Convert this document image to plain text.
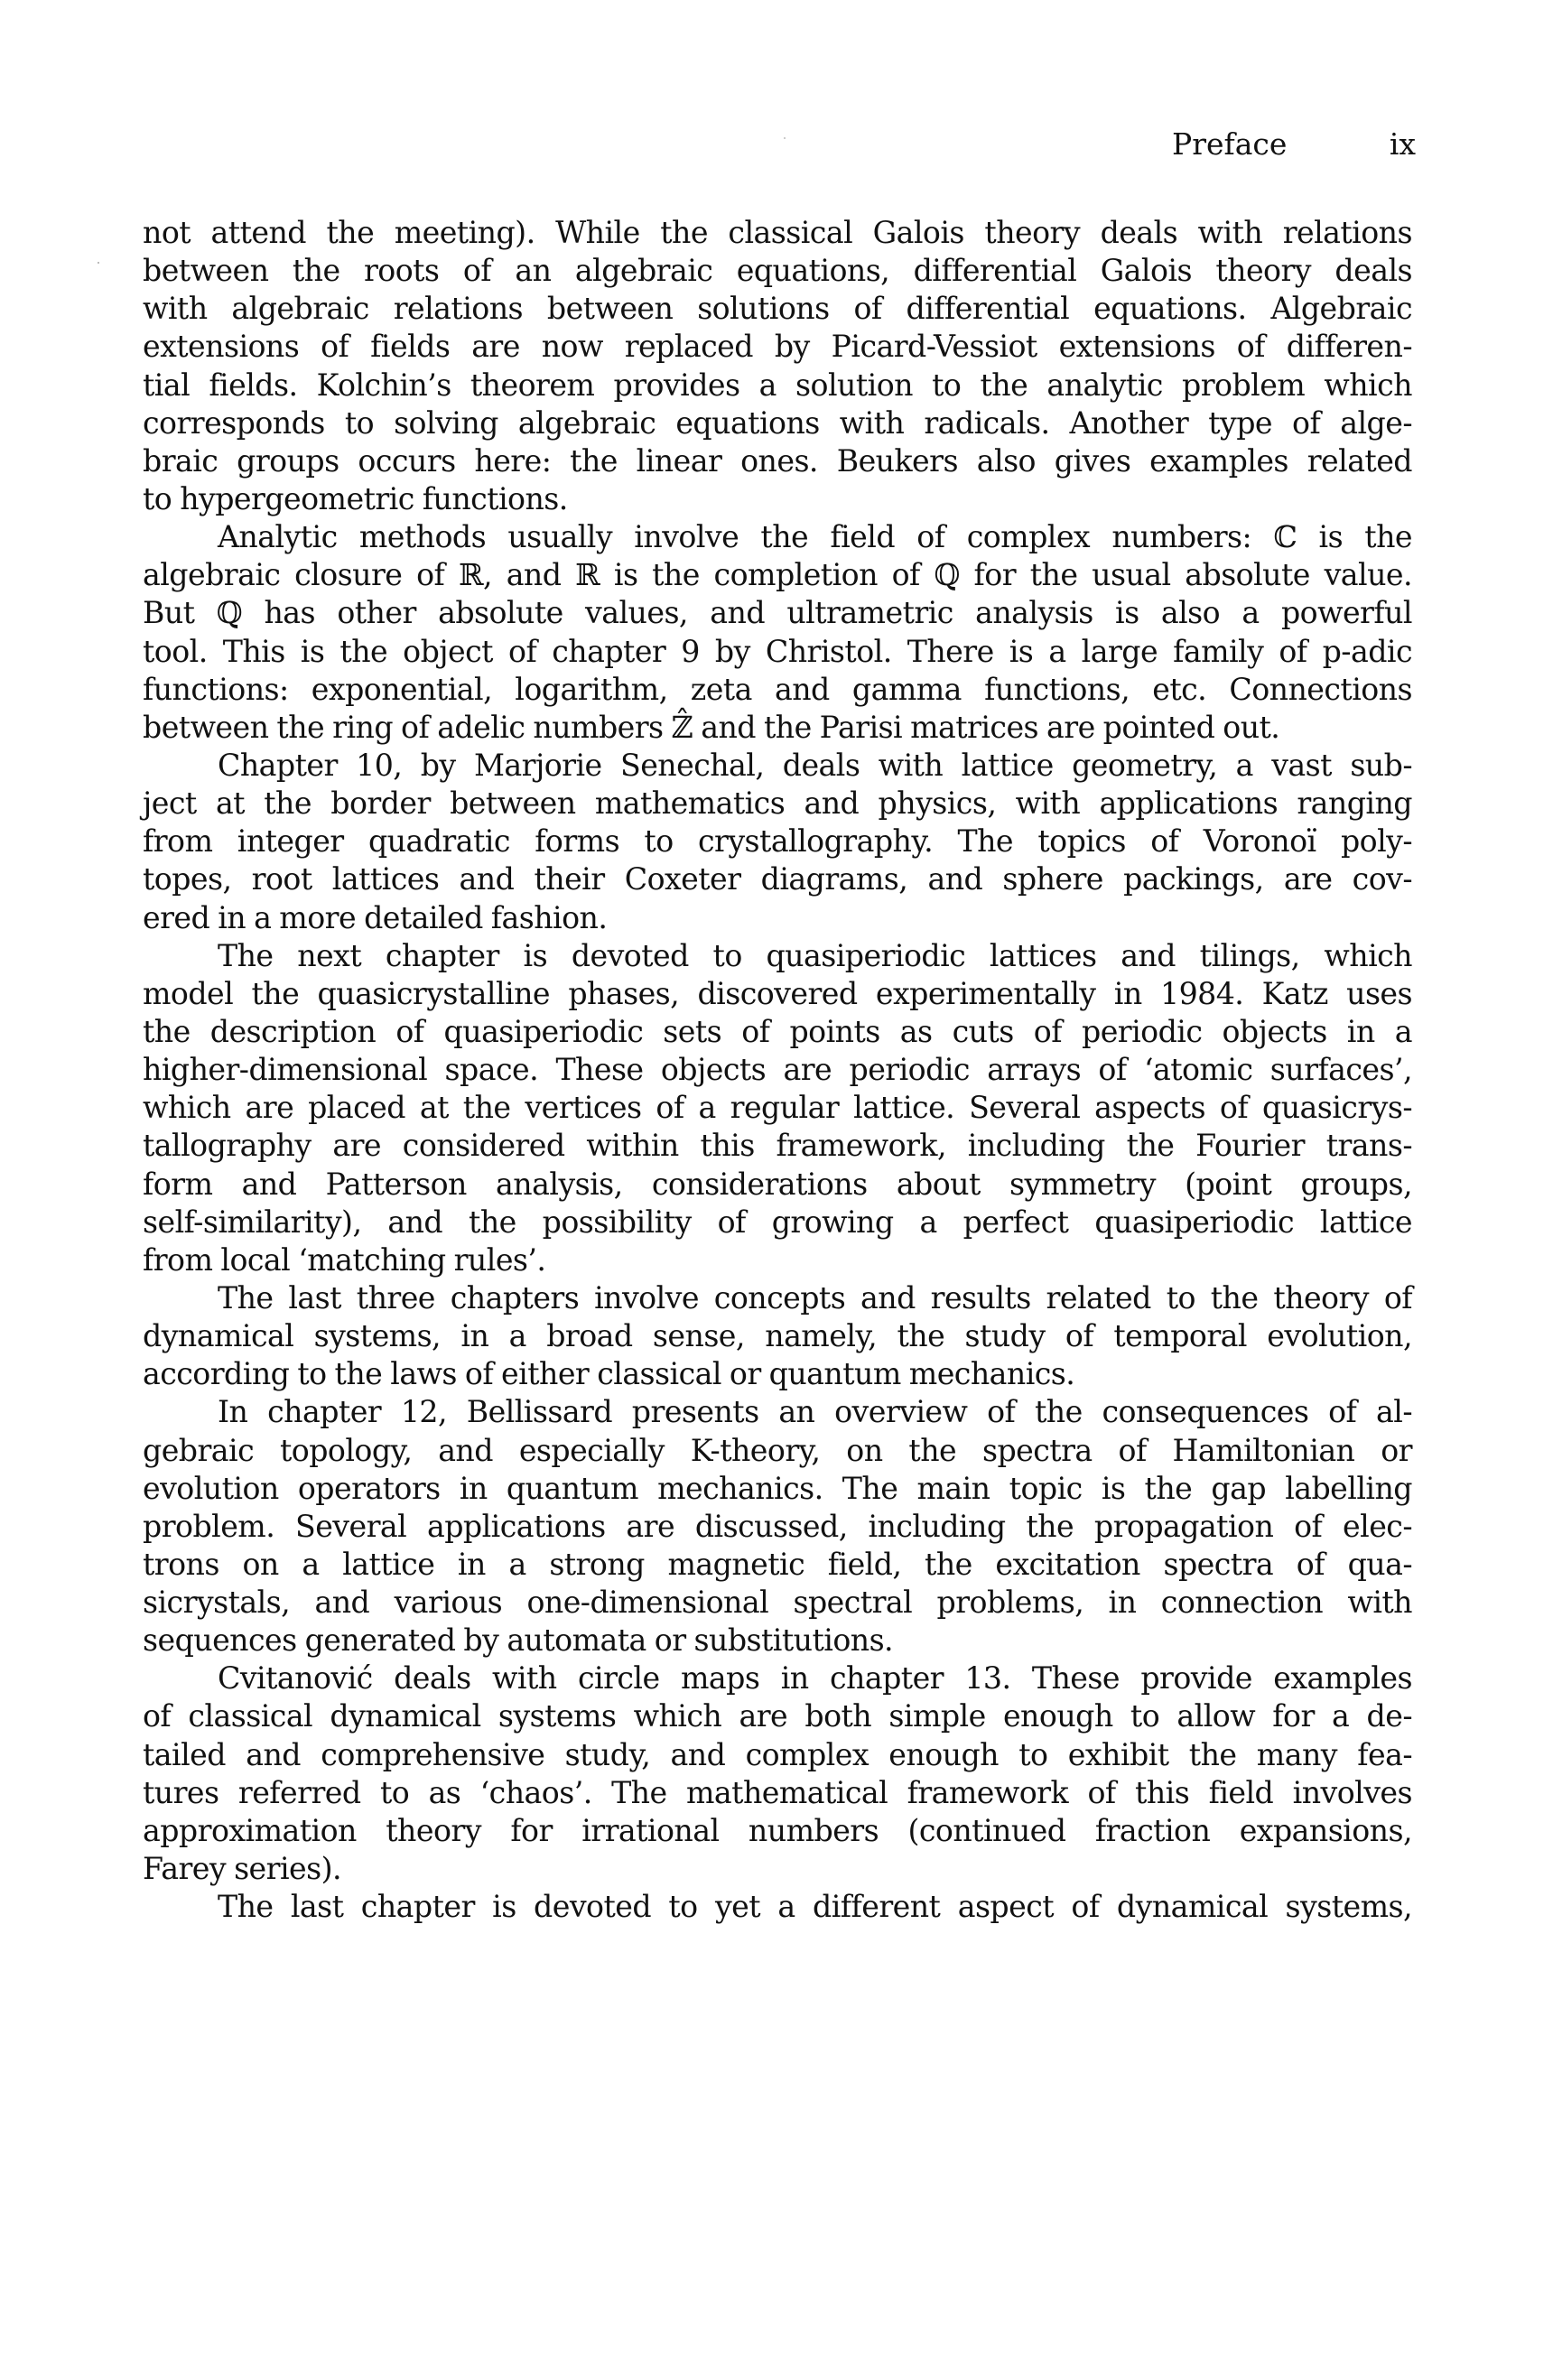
Preface	ix
not attend the meeting). While the classical Galois theory deals with relations
between the roots of an algebraic equations, differential Galois theory deals
with algebraic relations between solutions of differential equations. Algebraic
extensions of fields are now replaced by Picard-Vessiot extensions of differen-
tial fields. Kolchin’s theorem provides a solution to the analytic problem which
corresponds to solving algebraic equations with radicals. Another type of alge-
braic groups occurs here: the linear ones. Beukers also gives examples related
to hypergeometric functions.
Analytic methods usually involve the field of complex numbers: ℂ is the
algebraic closure of ℝ, and ℝ is the completion of ℚ for the usual absolute value.
But ℚ has other absolute values, and ultrametric analysis is also a powerful
tool. This is the object of chapter 9 by Christol. There is a large family of p-adic
functions: exponential, logarithm, zeta and gamma functions, etc. Connections
between the ring of adelic numbers ℤ̂ and the Parisi matrices are pointed out.
Chapter 10, by Marjorie Senechal, deals with lattice geometry, a vast sub-
ject at the border between mathematics and physics, with applications ranging
from integer quadratic forms to crystallography. The topics of Voronoï poly-
topes, root lattices and their Coxeter diagrams, and sphere packings, are cov-
ered in a more detailed fashion.
The next chapter is devoted to quasiperiodic lattices and tilings, which
model the quasicrystalline phases, discovered experimentally in 1984. Katz uses
the description of quasiperiodic sets of points as cuts of periodic objects in a
higher-dimensional space. These objects are periodic arrays of ‘atomic surfaces’,
which are placed at the vertices of a regular lattice. Several aspects of quasicrys-
tallography are considered within this framework, including the Fourier trans-
form and Patterson analysis, considerations about symmetry (point groups,
self-similarity), and the possibility of growing a perfect quasiperiodic lattice
from local ‘matching rules’.
The last three chapters involve concepts and results related to the theory of
dynamical systems, in a broad sense, namely, the study of temporal evolution,
according to the laws of either classical or quantum mechanics.
In chapter 12, Bellissard presents an overview of the consequences of al-
gebraic topology, and especially K-theory, on the spectra of Hamiltonian or
evolution operators in quantum mechanics. The main topic is the gap labelling
problem. Several applications are discussed, including the propagation of elec-
trons on a lattice in a strong magnetic field, the excitation spectra of qua-
sicrystals, and various one-dimensional spectral problems, in connection with
sequences generated by automata or substitutions.
Cvitanović deals with circle maps in chapter 13. These provide examples
of classical dynamical systems which are both simple enough to allow for a de-
tailed and comprehensive study, and complex enough to exhibit the many fea-
tures referred to as ‘chaos’. The mathematical framework of this field involves
approximation theory for irrational numbers (continued fraction expansions,
Farey series).
The last chapter is devoted to yet a different aspect of dynamical systems,
